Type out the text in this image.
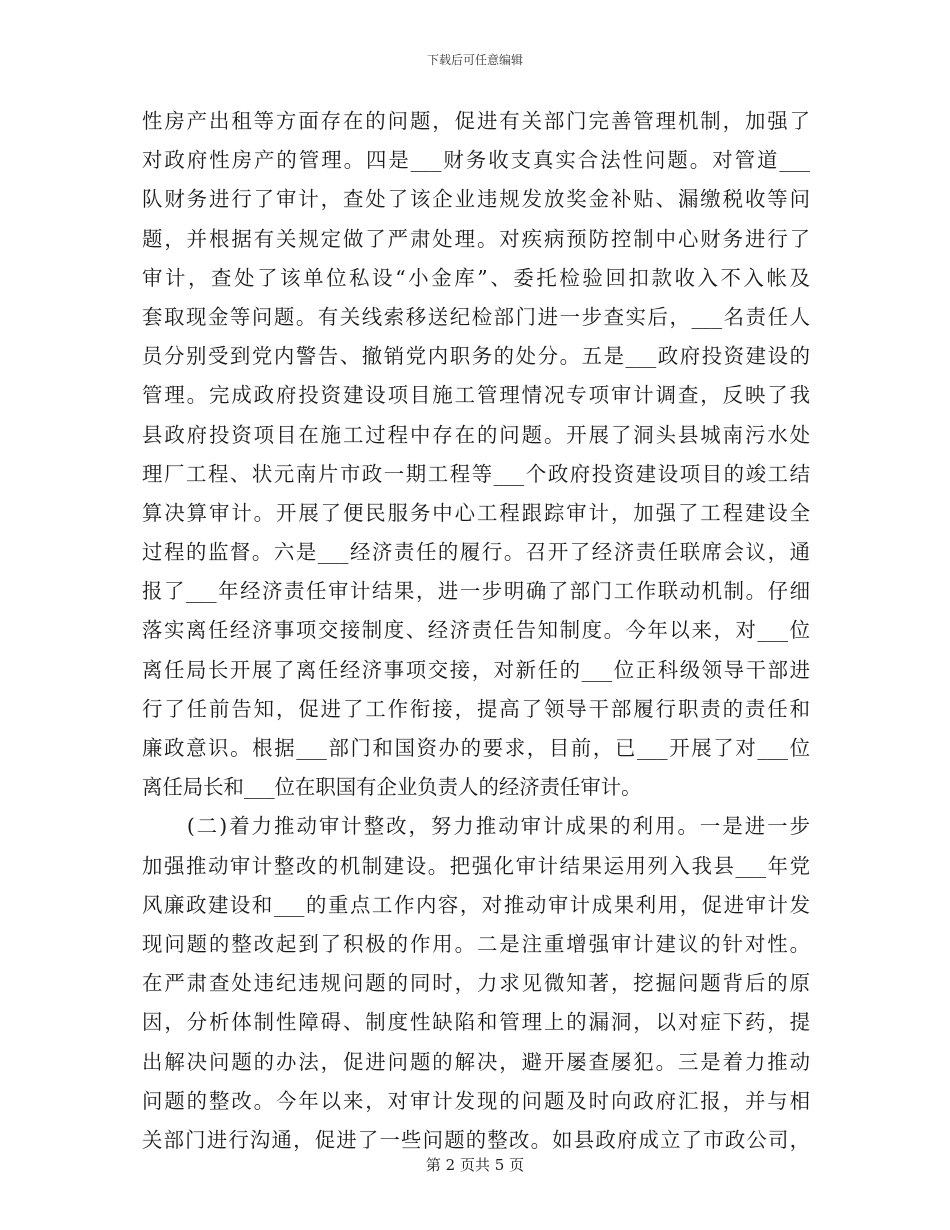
下载后可任意编辑
性房产出租等方面存在的问题，促进有关部门完善管理机制，加强了
对政府性房产的管理。四是___财务收支真实合法性问题。对管道___
队财务进行了审计，查处了该企业违规发放奖金补贴、漏缴税收等问
题，并根据有关规定做了严肃处理。对疾病预防控制中心财务进行了
审计，查处了该单位私设“小金库”、委托检验回扣款收入不入帐及
套取现金等问题。有关线索移送纪检部门进一步查实后，___名责任人
员分别受到党内警告、撤销党内职务的处分。五是___政府投资建设的
管理。完成政府投资建设项目施工管理情况专项审计调查，反映了我
县政府投资项目在施工过程中存在的问题。开展了洞头县城南污水处
理厂工程、状元南片市政一期工程等___个政府投资建设项目的竣工结
算决算审计。开展了便民服务中心工程跟踪审计，加强了工程建设全
过程的监督。六是___经济责任的履行。召开了经济责任联席会议，通
报了___年经济责任审计结果，进一步明确了部门工作联动机制。仔细
落实离任经济事项交接制度、经济责任告知制度。今年以来，对___位
离任局长开展了离任经济事项交接，对新任的___位正科级领导干部进
行了任前告知，促进了工作衔接，提高了领导干部履行职责的责任和
廉政意识。根据___部门和国资办的要求，目前，已___开展了对___位
离任局长和___位在职国有企业负责人的经济责任审计。
　　(二)着力推动审计整改，努力推动审计成果的利用。一是进一步
加强推动审计整改的机制建设。把强化审计结果运用列入我县___年党
风廉政建设和___的重点工作内容，对推动审计成果利用，促进审计发
现问题的整改起到了积极的作用。二是注重增强审计建议的针对性。
在严肃查处违纪违规问题的同时，力求见微知著，挖掘问题背后的原
因，分析体制性障碍、制度性缺陷和管理上的漏洞，以对症下药，提
出解决问题的办法，促进问题的解决，避开屡查屡犯。三是着力推动
问题的整改。今年以来，对审计发现的问题及时向政府汇报，并与相
关部门进行沟通，促进了一些问题的整改。如县政府成立了市政公司，
第 2 页共 5 页
